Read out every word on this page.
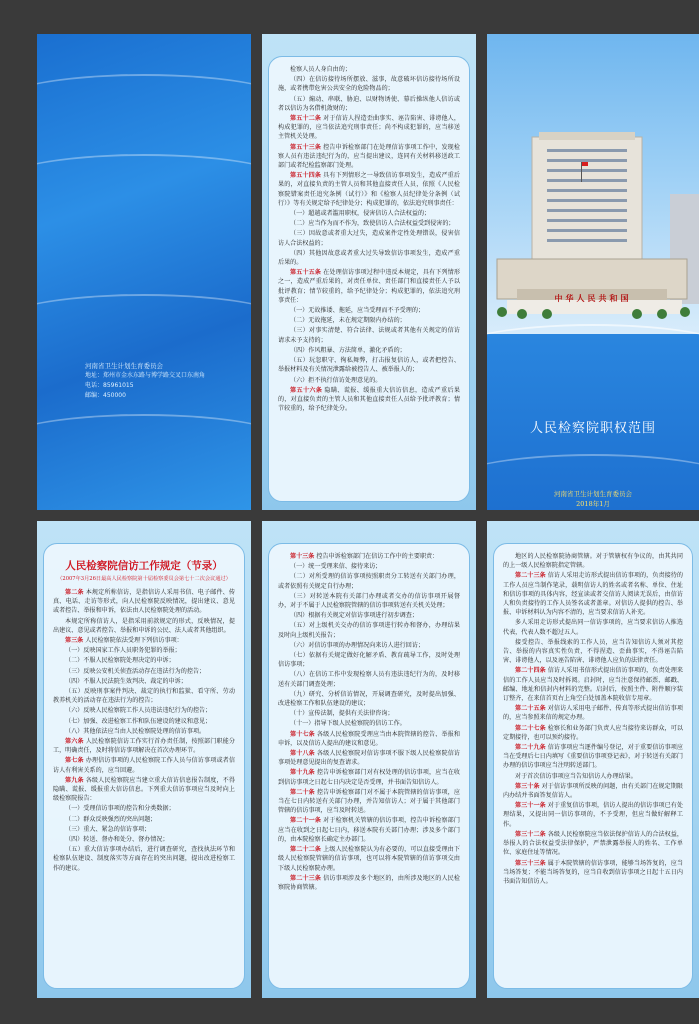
河南省卫生计划生育委员会
地址：郑州市金水东路与博学路交叉口东南角
电话：85961015
邮编：450000
检察人员人身自由的；
（四）在信访接待场所摆放、滋事，故意破坏信访接待场所设施，或者携带危害公共安全的危险物品的；
（五）煽动、串联、胁迫、以财物诱使、幕后操纵他人信访或者以信访为名借机敛财的；
第五十二条 对于信访人捏造歪曲事实、诬告陷害、诽谤他人，构成犯罪的，应当依法追究刑事责任；尚不构成犯罪的，应当移送主管机关处理。
第五十三条 控告申诉检察部门在处理信访事项工作中，发现检察人员有违法违纪行为的，应当提出建议，连同有关材料移送政工部门或者纪检监察部门处理。
第五十四条 具有下列情形之一导致信访事项发生，造成严重后果的，对直接负责的主管人员和其他直接责任人员，依照《人民检察院错案责任追究条例（试行）》和《检察人员纪律处分条例（试行）》等有关规定给予纪律处分；构成犯罪的，依法追究刑事责任：
（一）超越或者滥用职权，侵害信访人合法权益的；
（二）应当作为而不作为，致使信访人合法权益受到侵害的；
（三）因故意或者重大过失，造成案件定性处理错误，侵害信访人合法权益的；
（四）其他因故意或者重大过失导致信访事项发生，造成严重后果的。
第五十五条 在处理信访事项过程中违反本规定，具有下列情形之一，造成严重后果的，对责任单位、责任部门和直接责任人予以批评教育；情节较重的，给予纪律处分；构成犯罪的，依法追究刑事责任：
（一）无故推诿、拖延，应当受理而不予受理的；
（二）无故拖延，未在规定期限内办结的；
（三）对事实清楚、符合法律、法规或者其他有关规定的信访请求未予支持的；
（四）作风粗暴、方法简单，激化矛盾的；
（五）玩忽职守、徇私舞弊，打击报复信访人，或者把控告、举报材料及有关情况泄露给被控告人、被举报人的；
（六）拒不执行信访处理意见的。
第五十六条 隐瞒、谎报、缓报重大信访信息，造成严重后果的，对直接负责的主管人员和其他直接责任人员给予批评教育；情节较重的，给予纪律处分。
中华人民共和国
人民检察院职权范围
河南省卫生计划生育委员会
2018年1月
人民检察院信访工作规定（节录）
（2007年3月26日最高人民检察院第十届检察委员会第七十二次会议通过）
第二条 本规定所称信访，是指信访人采用书信、电子邮件、传真、电话、走访等形式，向人民检察院反映情况，提出建议、意见或者控告、举报和申诉，依法由人民检察院处理的活动。
本规定所称信访人，是指采用前款规定的形式，反映情况，提出建议、意见或者控告、举报和申诉的公民、法人或者其他组织。
第三条 人民检察院依法受理下列信访事项：
（一）反映国家工作人员职务犯罪的举报；
（二）不服人民检察院处理决定的申诉；
（三）反映公安机关侦查活动存在违法行为的控告；
（四）不服人民法院生效判决、裁定的申诉；
（五）反映刑事案件判决、裁定的执行和监狱、看守所、劳动教养机关的活动存在违法行为的控告；
（六）反映人民检察院工作人员违法违纪行为的控告；
（七）加强、改进检察工作和队伍建设的建议和意见；
（八）其他依法应当由人民检察院处理的信访事项。
第六条 人民检察院信访工作实行首办责任制，按照部门职能分工，明确责任，及时将信访事项解决在首次办理环节。
第七条 办理信访事项的人民检察院工作人员与信访事项或者信访人有利害关系的，应当回避。
第九条 各级人民检察院应当建立重大信访信息报告制度，不得隐瞒、谎报、缓报重大信访信息。下列重大信访事项应当及时向上级检察院报告：
（一）受理信访事项的控告和分类数据；
（二）群众反映强烈的突出问题；
（三）重大、紧急的信访事项；
（四）转送、督办和处分、督办情况；
（五）重大信访事项办结后，进行调查研究，查找执法环节和检察队伍建设、制度落实等方面存在的突出问题，提出改进检察工作的建议。
第十三条 控告申诉检察部门在信访工作中的主要职责：
（一）统一受理来信、接待来访；
（二）对所受理的信访事项按照职责分工转送有关部门办理，或者依照有关规定自行办理；
（三）对转送本院有关部门办理或者交办的信访事项开展督办，对于不属于人民检察院管辖的信访事项转送有关机关处理；
（四）根据有关规定对信访事项进行初步调查；
（五）对上级机关交办的信访事项进行转办和督办，办理结果及时向上级机关报告；
（六）对信访事项的办理情况向来访人进行回访；
（七）依据有关规定做好化解矛盾、教育疏导工作，及时处理信访事项；
（八）在信访工作中发现检察人员有违法违纪行为的，及时移送有关部门调查处理；
（九）研究、分析信访情况，开展调查研究，及时提出加强、改进检察工作和队伍建设的建议；
（十）宣传法制，提供有关法律咨询；
（十一）指导下级人民检察院的信访工作。
第十七条 各级人民检察院受理应当由本院管辖的控告、举报和申诉，以及信访人提出的建议和意见。
第十八条 各级人民检察院对信访事项不服下级人民检察院信访事项处理意见提出的复查请求。
第十九条 控告申诉检察部门对有权处理的信访事项，应当在收到信访事项之日起七日内决定是否受理，并书面告知信访人。
第二十条 控告申诉检察部门对不属于本院管辖的信访事项，应当在七日内转送有关部门办理，并告知信访人；对于属于其他部门管辖的信访事项，应当及时转送。
第二十一条 对于检察机关管辖的信访事项，控告申诉检察部门应当在收到之日起七日内，移送本院有关部门办理；涉及多个部门的，由本院检察长确定主办部门。
第二十二条 上级人民检察院认为有必要的，可以直接受理由下级人民检察院管辖的信访事项，也可以将本院管辖的信访事项交由下级人民检察院办理。
第二十三条 信访事项涉及多个地区的，由所涉及地区的人民检察院协商管辖。
地区的人民检察院协商管辖。对于管辖权有争议的，由其共同的上一级人民检察院指定管辖。
第二十三条 信访人采用走访形式提出信访事项的，负责接待的工作人员应当制作笔录，载明信访人的姓名或者名称、单位、住址和信访事项的具体内容，经宣读或者交信访人阅读无误后，由信访人和负责接待的工作人员签名或者盖章。对信访人提供的控告、举报、申诉材料认为内容不清的，应当要求信访人补充。
多人采用走访形式提出同一信访事项的，应当要求信访人推选代表，代表人数不超过五人。
接受控告、举报线索的工作人员，应当告知信访人须对其控告、举报的内容真实性负责，不得捏造、歪曲事实，不得诬告陷害、诽谤他人，以及诬告陷害、诽谤他人应负的法律责任。
第二十四条 信访人采用书信形式提出信访事项的，负责处理来信的工作人员应当及时拆阅。启封时，应当注意保持邮票、邮戳、邮编、地址和信封内材料的完整。启封后，按照主件、附件顺序装订整齐，在来信首页右上角空白处加盖本院收信专用章。
第二十五条 对信访人采用电子邮件、传真等形式提出信访事项的，应当参照来信的规定办理。
第二十七条 检察长和业务部门负责人应当接待来访群众，可以定期接待，也可以预约接待。
第二十九条 信访事项应当逐件编号登记，对于重要信访事项应当在受理后七日内填写《重要信访事项登记表》，对于转送有关部门办理的信访事项应当注明转送部门。
对于首次信访事项应当告知信访人办理结果。
第三十条 对于信访事项所反映的问题，由有关部门在规定期限内办结并书面答复信访人。
第三十一条 对于重复信访事项，信访人提出的信访事项已有处理结果，又提出同一信访事项的，不予受理，但应当做好解释工作。
第三十二条 各级人民检察院应当依法保护信访人的合法权益，举报人的合法权益受法律保护，严禁泄露举报人的姓名、工作单位、家庭住址等情况。
第三十三条 属于本院管辖的信访事项，能够当场答复的，应当当场答复；不能当场答复的，应当自收到信访事项之日起十五日内书面告知信访人。
